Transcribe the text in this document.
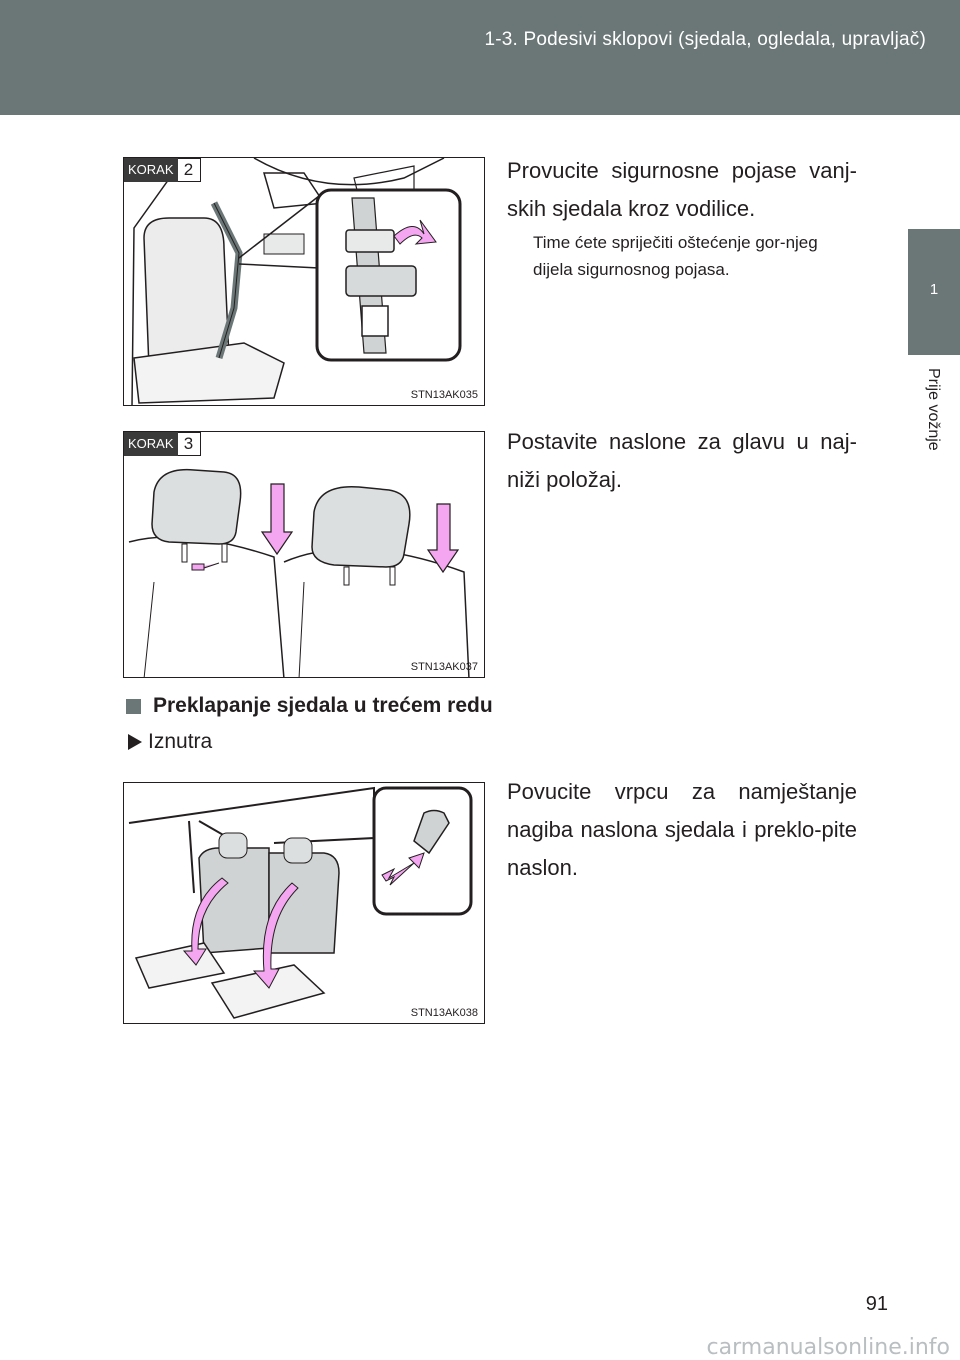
1-3. Podesivi sklopovi (sjedala, ogledala, upravljač)
1
Prije vožnje
KORAK 2
STN13AK035
Provucite sigurnosne pojase vanj-skih sjedala kroz vodilice.
Time ćete spriječiti oštećenje gor-njeg dijela sigurnosnog pojasa.
KORAK 3
STN13AK037
Postavite naslone za glavu u naj-niži položaj.
Preklapanje sjedala u trećem redu
Iznutra
STN13AK038
Povucite vrpcu za namještanje nagiba naslona sjedala i preklo-pite naslon.
91
carmanualsonline.info
